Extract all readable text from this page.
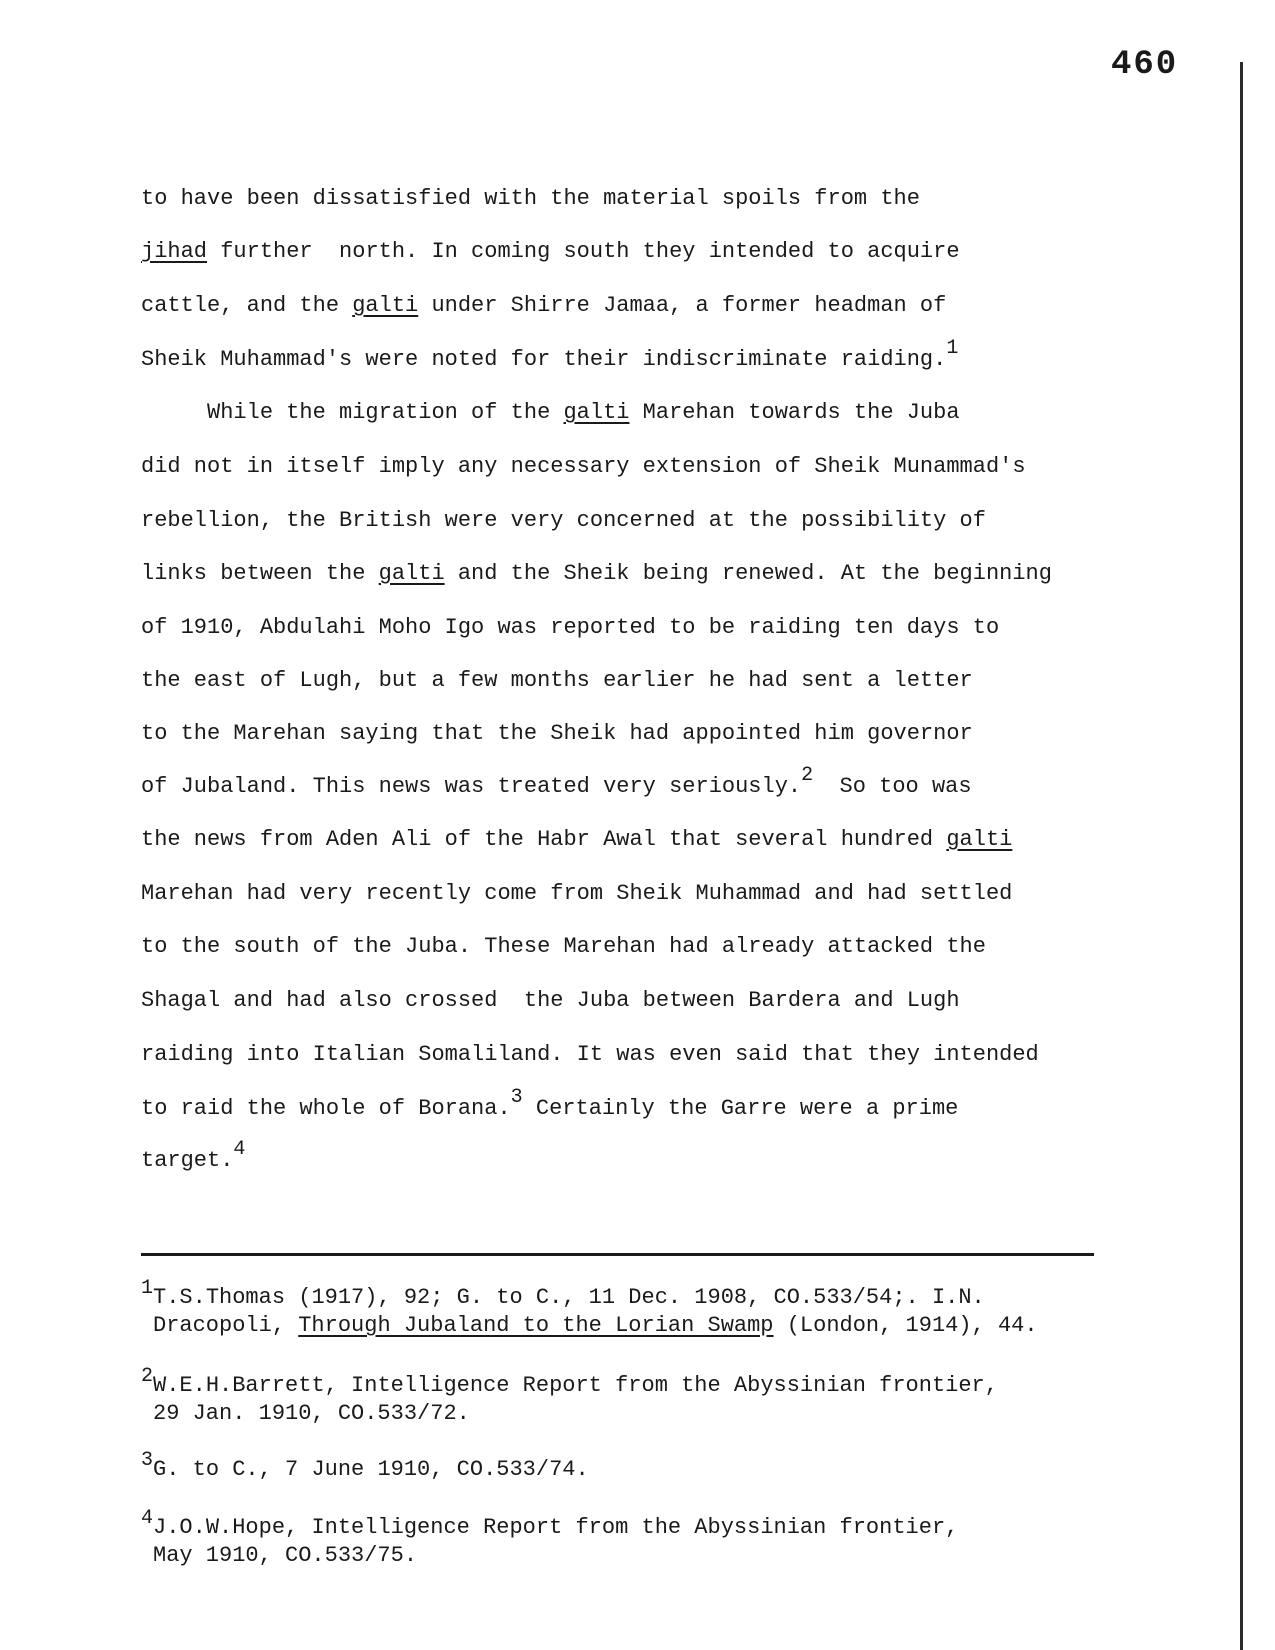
460
to have been dissatisfied with the material spoils from the
jihad further  north. In coming south they intended to acquire
cattle, and the galti under Shirre Jamaa, a former headman of
Sheik Muhammad's were noted for their indiscriminate raiding.$^1$
While the migration of the galti Marehan towards the Juba
did not in itself imply any necessary extension of Sheik Munammad's
rebellion, the British were very concerned at the possibility of
links between the galti and the Sheik being renewed. At the beginning
of 1910, Abdulahi Moho Igo was reported to be raiding ten days to
the east of Lugh, but a few months earlier he had sent a letter
to the Marehan saying that the Sheik had appointed him governor
of Jubaland. This news was treated very seriously.$^2$  So too was
the news from Aden Ali of the Habr Awal that several hundred galti
Marehan had very recently come from Sheik Muhammad and had settled
to the south of the Juba. These Marehan had already attacked the
Shagal and had also crossed  the Juba between Bardera and Lugh
raiding into Italian Somaliland. It was even said that they intended
to raid the whole of Borana.$^3$ Certainly the Garre were a prime
target.$^4$
$^1$T.S.Thomas (1917), 92; G. to C., 11 Dec. 1908, CO.533/54;. I.N.
Dracopoli, Through Jubaland to the Lorian Swamp (London, 1914), 44.
$^2$W.E.H.Barrett, Intelligence Report from the Abyssinian frontier,
29 Jan. 1910, CO.533/72.
$^3$G. to C., 7 June 1910, CO.533/74.
$^4$J.O.W.Hope, Intelligence Report from the Abyssinian frontier,
May 1910, CO.533/75.
